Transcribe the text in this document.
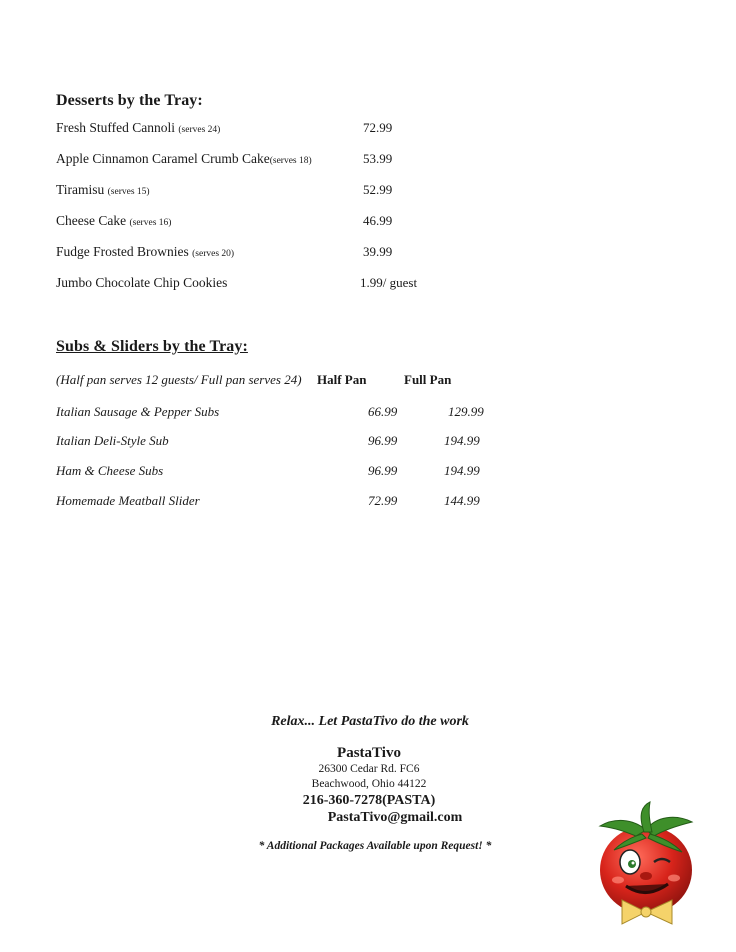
Desserts by the Tray:
Fresh Stuffed Cannoli (serves 24)	72.99
Apple Cinnamon Caramel Crumb Cake(serves 18)	53.99
Tiramisu (serves 15)	52.99
Cheese Cake (serves 16)	46.99
Fudge Frosted Brownies (serves 20)	39.99
Jumbo Chocolate Chip Cookies	1.99/ guest
Subs & Sliders by the Tray:
(Half pan serves 12 guests/ Full pan serves 24) Half Pan	Full Pan
Italian Sausage & Pepper Subs	66.99	129.99
Italian Deli-Style Sub	96.99	194.99
Ham & Cheese Subs	96.99	194.99
Homemade Meatball Slider	72.99	144.99
Relax... Let PastaTivo do the work
PastaTivo
26300 Cedar Rd. FC6
Beachwood, Ohio 44122
216-360-7278(PASTA)
PastaTivo@gmail.com
* Additional Packages Available upon Request! *
